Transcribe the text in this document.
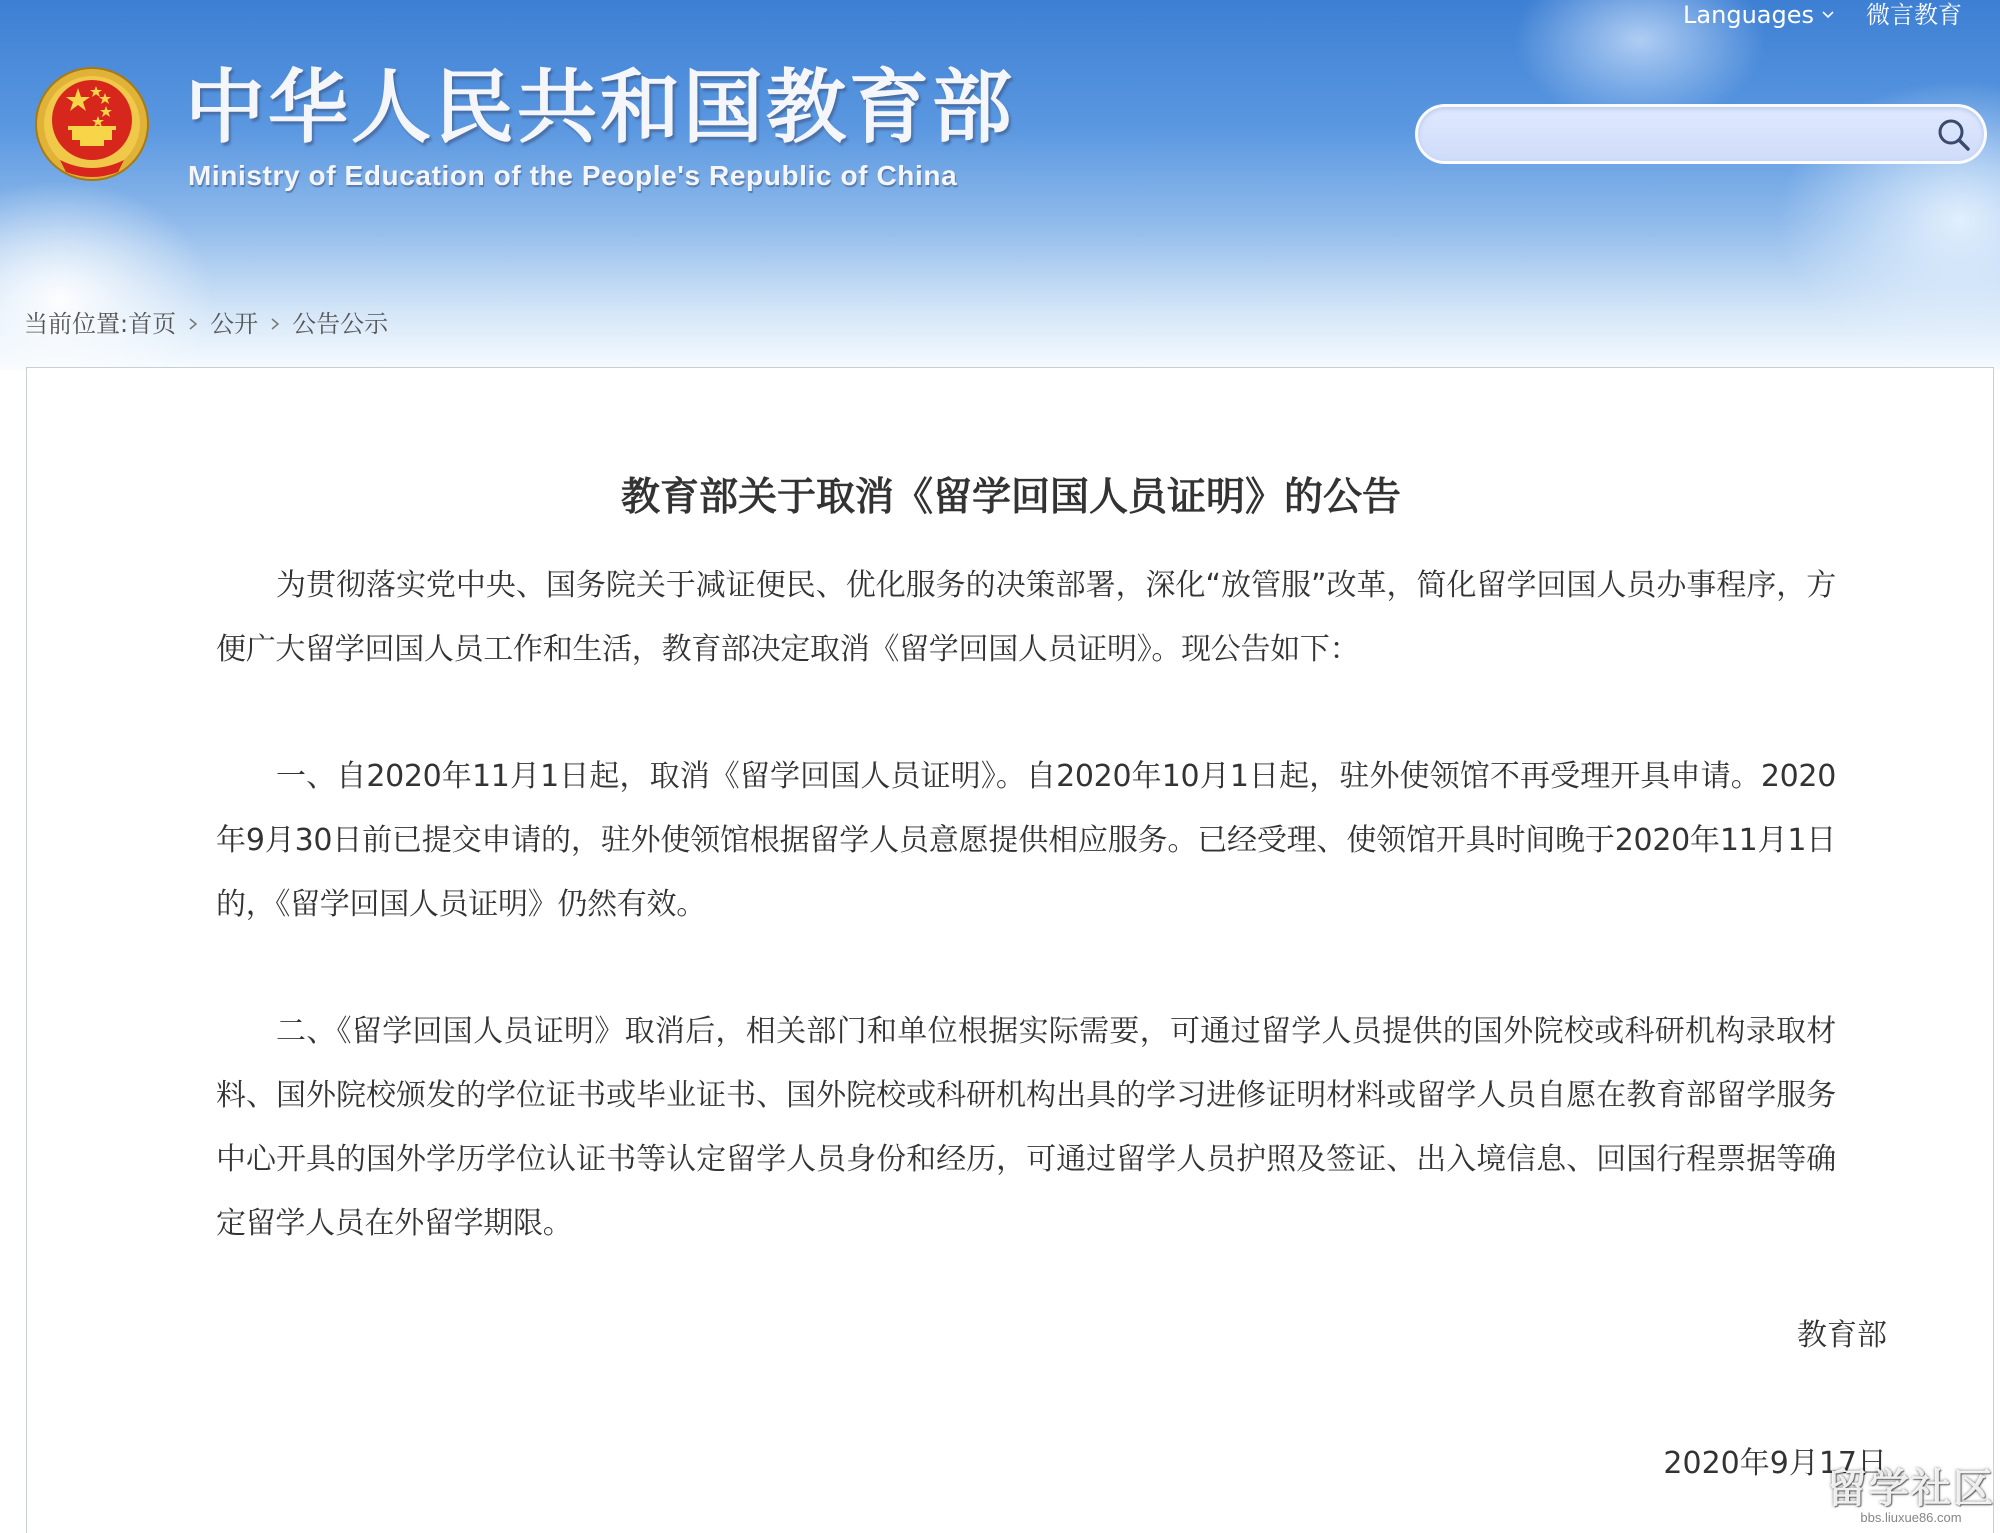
中华人民共和国教育部
Ministry of Education of the People's Republic of China
Languages 微言教育
当前位置: 首页 公开 公告公示
教育部关于取消《留学回国人员证明》的公告

为贯彻落实党中央、国务院关于减证便民、优化服务的决策部署，深化“放管服”改革，简化留学回国人员办事程序，方便广大留学回国人员工作和生活，教育部决定取消《留学回国人员证明》。现公告如下：

一、自2020年11月1日起，取消《留学回国人员证明》。自2020年10月1日起，驻外使领馆不再受理开具申请。2020年9月30日前已提交申请的，驻外使领馆根据留学人员意愿提供相应服务。已经受理、使领馆开具时间晚于2020年11月1日的，《留学回国人员证明》仍然有效。

二、《留学回国人员证明》取消后，相关部门和单位根据实际需要，可通过留学人员提供的国外院校或科研机构录取材料、国外院校颁发的学位证书或毕业证书、国外院校或科研机构出具的学习进修证明材料或留学人员自愿在教育部留学服务中心开具的国外学历学位认证书等认定留学人员身份和经历，可通过留学人员护照及签证、出入境信息、回国行程票据等确定留学人员在外留学期限。

教育部
2020年9月17日
留学社区
bbs.liuxue86.com
